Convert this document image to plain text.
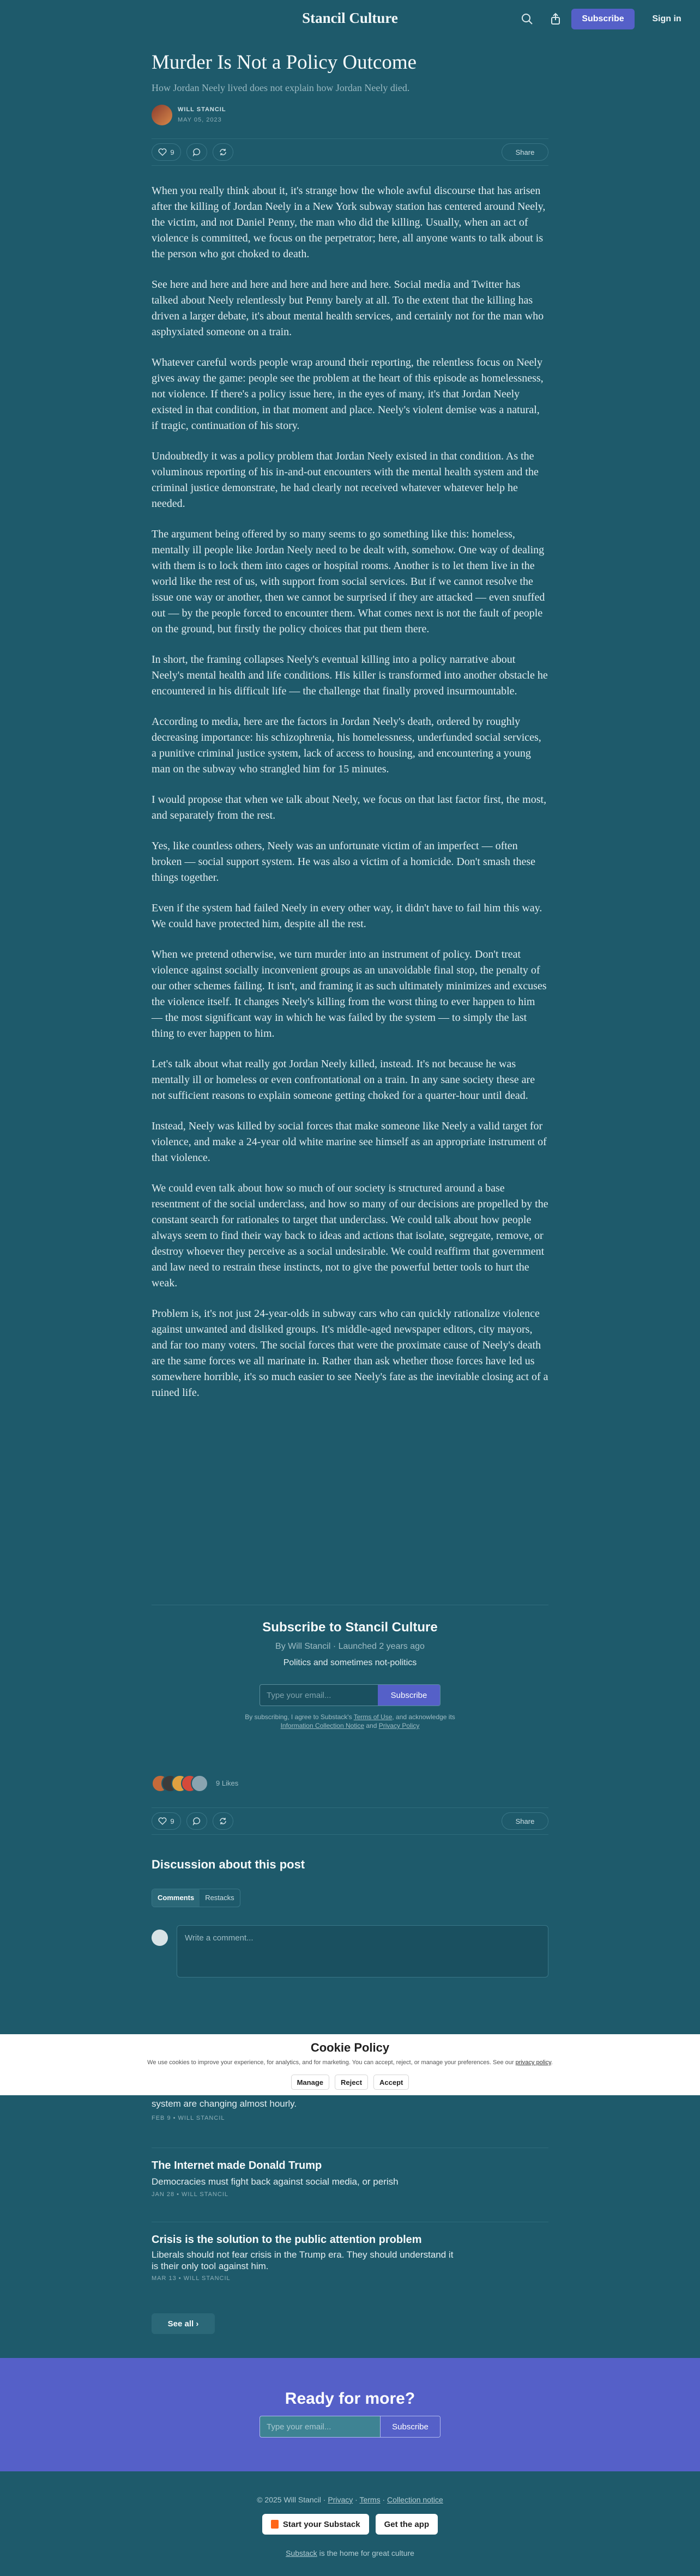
Stancil Culture	Subscribe	Sign in
Murder Is Not a Policy Outcome

How Jordan Neely lived does not explain how Jordan Neely died.

WILL STANCIL
MAY 05, 2023
9	Share

When you really think about it, it's strange how the whole awful discourse that has arisen after the killing of Jordan Neely in a New York subway station has centered around Neely, the victim, and not Daniel Penny, the man who did the killing. Usually, when an act of violence is committed, we focus on the perpetrator; here, all anyone wants to talk about is the person who got choked to death.

See here and here and here and here and here and here. Social media and Twitter has talked about Neely relentlessly but Penny barely at all. To the extent that the killing has driven a larger debate, it's about mental health services, and certainly not for the man who asphyxiated someone on a train.

Whatever careful words people wrap around their reporting, the relentless focus on Neely gives away the game: people see the problem at the heart of this episode as homelessness, not violence. If there's a policy issue here, in the eyes of many, it's that Jordan Neely existed in that condition, in that moment and place. Neely's violent demise was a natural, if tragic, continuation of his story.

Undoubtedly it was a policy problem that Jordan Neely existed in that condition. As the voluminous reporting of his in-and-out encounters with the mental health system and the criminal justice demonstrate, he had clearly not received whatever whatever help he needed.

The argument being offered by so many seems to go something like this: homeless, mentally ill people like Jordan Neely need to be dealt with, somehow. One way of dealing with them is to lock them into cages or hospital rooms. Another is to let them live in the world like the rest of us, with support from social services. But if we cannot resolve the issue one way or another, then we cannot be surprised if they are attacked — even snuffed out — by the people forced to encounter them. What comes next is not the fault of people on the ground, but firstly the policy choices that put them there.

In short, the framing collapses Neely's eventual killing into a policy narrative about Neely's mental health and life conditions. His killer is transformed into another obstacle he encountered in his difficult life — the challenge that finally proved insurmountable.

According to media, here are the factors in Jordan Neely's death, ordered by roughly decreasing importance: his schizophrenia, his homelessness, underfunded social services, a punitive criminal justice system, lack of access to housing, and encountering a young man on the subway who strangled him for 15 minutes.

I would propose that when we talk about Neely, we focus on that last factor first, the most, and separately from the rest.

Yes, like countless others, Neely was an unfortunate victim of an imperfect — often broken — social support system. He was also a victim of a homicide. Don't smash these things together.

Even if the system had failed Neely in every other way, it didn't have to fail him this way. We could have protected him, despite all the rest.

When we pretend otherwise, we turn murder into an instrument of policy. Don't treat violence against socially inconvenient groups as an unavoidable final stop, the penalty of our other schemes failing. It isn't, and framing it as such ultimately minimizes and excuses the violence itself. It changes Neely's killing from the worst thing to ever happen to him — the most significant way in which he was failed by the system — to simply the last thing to ever happen to him.

Let's talk about what really got Jordan Neely killed, instead. It's not because he was mentally ill or homeless or even confrontational on a train. In any sane society these are not sufficient reasons to explain someone getting choked for a quarter-hour until dead.

Instead, Neely was killed by social forces that make someone like Neely a valid target for violence, and make a 24-year old white marine see himself as an appropriate instrument of that violence.

We could even talk about how so much of our society is structured around a base resentment of the social underclass, and how so many of our decisions are propelled by the constant search for rationales to target that underclass. We could talk about how people always seem to find their way back to ideas and actions that isolate, segregate, remove, or destroy whoever they perceive as a social undesirable. We could reaffirm that government and law need to restrain these instincts, not to give the powerful better tools to hurt the weak.

Problem is, it's not just 24-year-olds in subway cars who can quickly rationalize violence against unwanted and disliked groups. It's middle-aged newspaper editors, city mayors, and far too many voters. The social forces that were the proximate cause of Neely's death are the same forces we all marinate in. Rather than ask whether those forces have led us somewhere horrible, it's so much easier to see Neely's fate as the inevitable closing act of a ruined life.

Subscribe to Stancil Culture
By Will Stancil · Launched 2 years ago
Politics and sometimes not-politics
Type your email...
Subscribe
By subscribing, I agree to Substack's Terms of Use, and acknowledge its Information Collection Notice and Privacy Policy
9 Likes
9	Share
Discussion about this post
Comments	Restacks
Write a comment...
Cookie Policy
We use cookies to improve your experience, for analytics, and for marketing. You can accept, reject, or manage your preferences. See our privacy policy.
Manage	Reject	Accept
system are changing almost hourly.
FEB 9 • WILL STANCIL
The Internet made Donald Trump
Democracies must fight back against social media, or perish
JAN 28 • WILL STANCIL
Crisis is the solution to the public attention problem
Liberals should not fear crisis in the Trump era. They should understand it is their only tool against him.
MAR 13 • WILL STANCIL
See all ›
Ready for more?
Type your email...
Subscribe
© 2025 Will Stancil · Privacy · Terms · Collection notice
Start your Substack	Get the app
Substack is the home for great culture
